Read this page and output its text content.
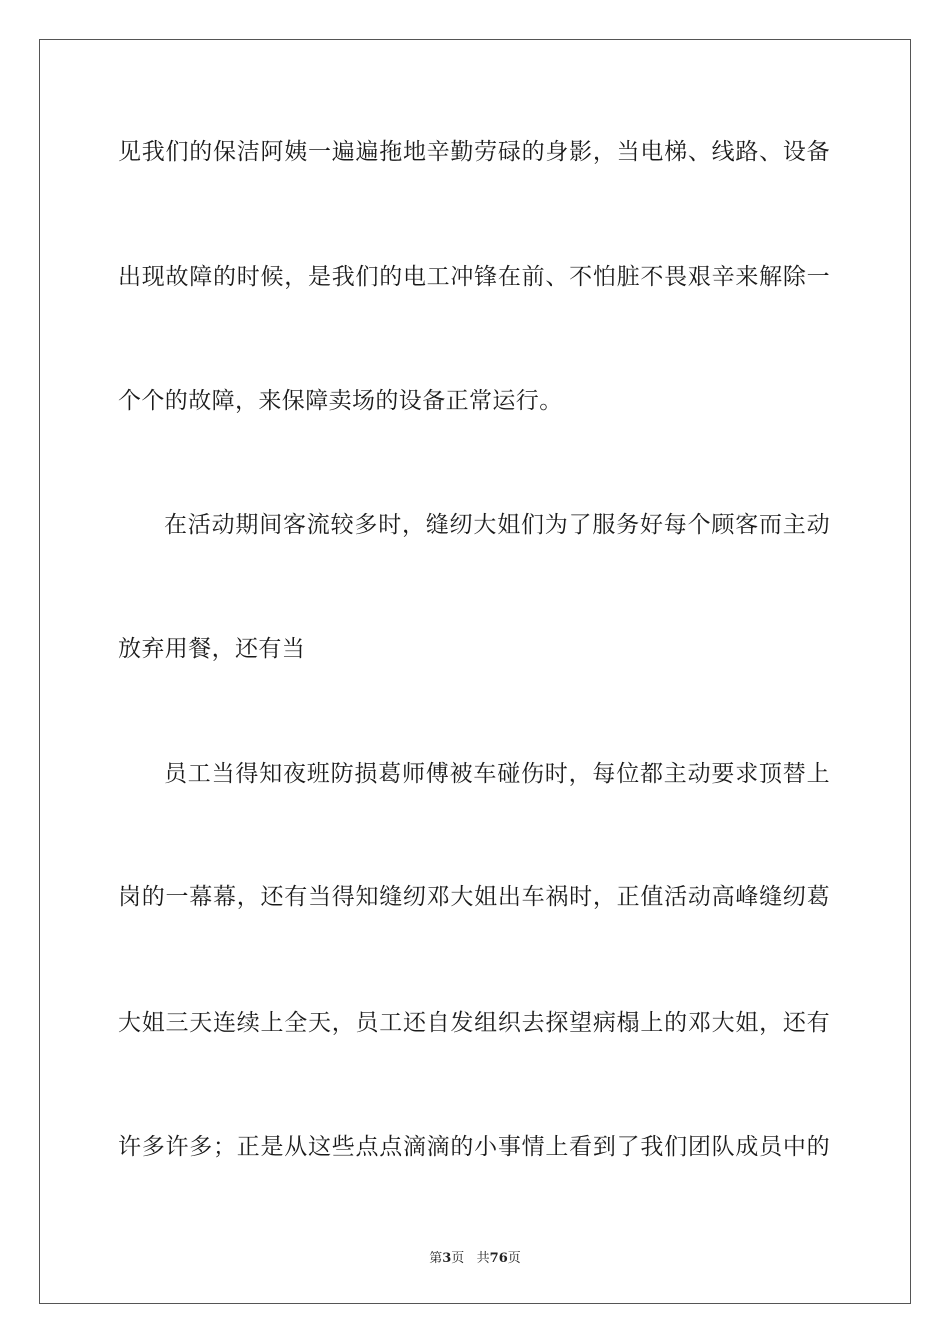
见我们的保洁阿姨一遍遍拖地辛勤劳碌的身影，当电梯、线路、设备
出现故障的时候，是我们的电工冲锋在前、不怕脏不畏艰辛来解除一
个个的故障，来保障卖场的设备正常运行。
在活动期间客流较多时，缝纫大姐们为了服务好每个顾客而主动
放弃用餐，还有当
员工当得知夜班防损葛师傅被车碰伤时，每位都主动要求顶替上
岗的一幕幕，还有当得知缝纫邓大姐出车祸时，正值活动高峰缝纫葛
大姐三天连续上全天，员工还自发组织去探望病榻上的邓大姐，还有
许多许多；正是从这些点点滴滴的小事情上看到了我们团队成员中的
第3页   共76页
